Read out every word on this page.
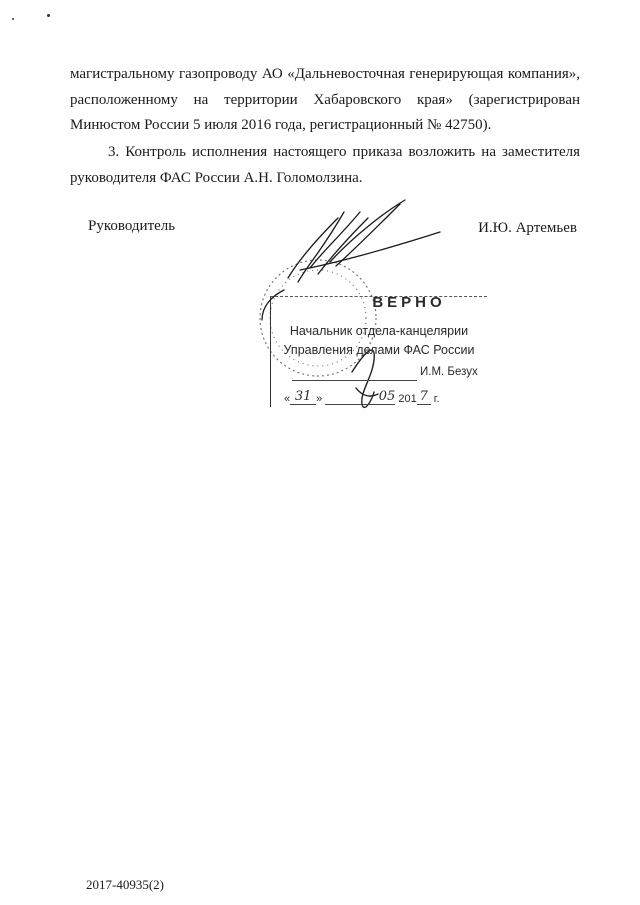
магистральному газопроводу АО «Дальневосточная генерирующая компания»,
расположенному на территории Хабаровского края» (зарегистрирован
Минюстом России 5 июля 2016 года, регистрационный № 42750).

3. Контроль исполнения настоящего приказа возложить на заместителя
руководителя ФАС России А.Н. Голомолзина.

Руководитель	И.Ю. Артемьев
ВЕРНО
Начальник отдела-канцелярии
Управления делами ФАС России
И.М. Безух
« 31 »	05 201 7 г.
2017-40935(2)
